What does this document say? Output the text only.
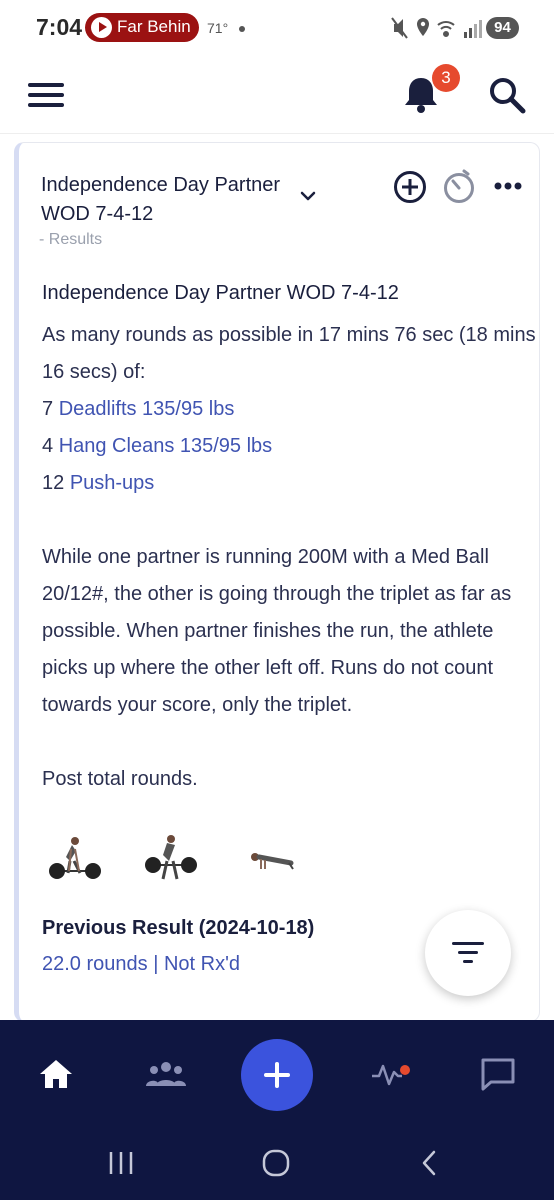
7:04 Far Behin 71°	94
3
Independence Day Partner WOD 7-4-12
- Results
Independence Day Partner WOD 7-4-12
As many rounds as possible in 17 mins 76 sec (18 mins 16 secs) of:
7 Deadlifts 135/95 lbs
4 Hang Cleans 135/95 lbs
12 Push-ups
While one partner is running 200M with a Med Ball 20/12#, the other is going through the triplet as far as possible. When partner finishes the run, the athlete picks up where the other left off. Runs do not count towards your score, only the triplet.
Post total rounds.
Previous Result (2024-10-18)
22.0 rounds | Not Rx'd
